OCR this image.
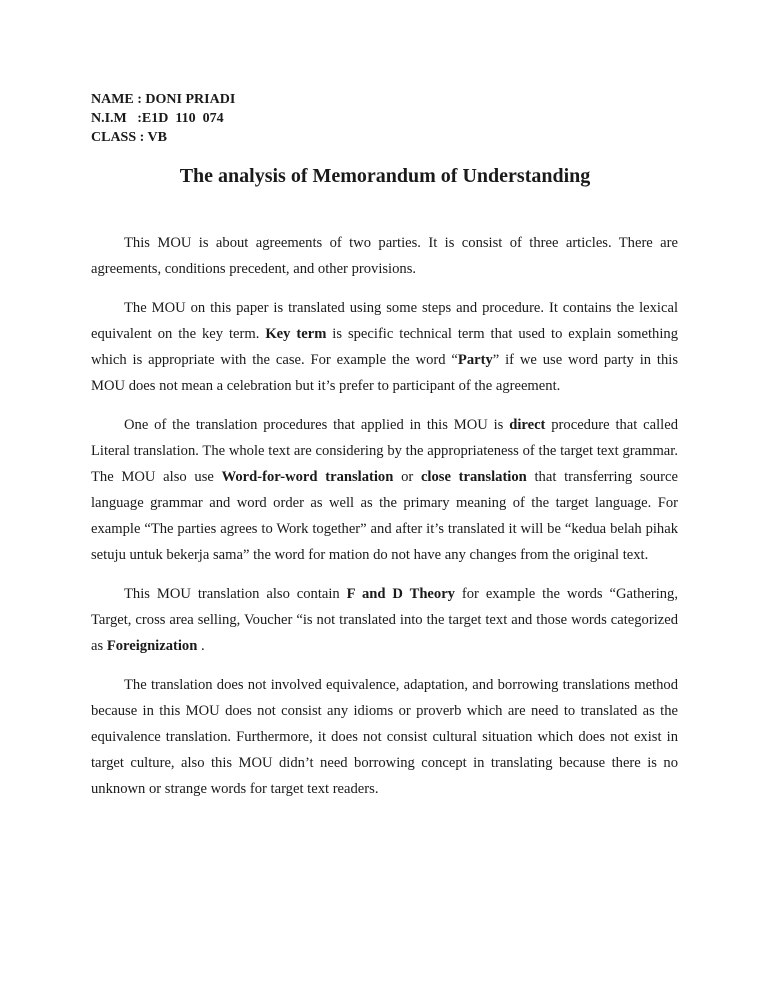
NAME : DONI PRIADI
N.I.M   :E1D  110  074
CLASS : VB
The analysis of Memorandum of Understanding

This MOU is about agreements of two parties. It is consist of three articles. There are agreements, conditions precedent, and other provisions.

The MOU on this paper is translated using some steps and procedure. It contains the lexical equivalent on the key term. Key term is specific technical term that used to explain something which is appropriate with the case. For example the word “Party” if we use word party in this MOU does not mean a celebration but it’s prefer to participant of the agreement.

One of the translation procedures that applied in this MOU is direct procedure that called Literal translation. The whole text are considering by the appropriateness of the target text grammar. The MOU also use Word-for-word translation or close translation that transferring source language grammar and word order as well as the primary meaning of the target language. For example “The parties agrees to Work together” and after it’s translated it will be “kedua belah pihak setuju untuk bekerja sama” the word for mation do not have any changes from the original text.

This MOU translation also contain F and D Theory for example the words “Gathering, Target, cross area selling, Voucher “is not translated into the target text and those words categorized as Foreignization .

The translation does not involved equivalence, adaptation, and borrowing translations method because in this MOU does not consist any idioms or proverb which are need to translated as the equivalence translation. Furthermore, it does not consist cultural situation which does not exist in target culture, also this MOU didn’t need borrowing concept in translating because there is no unknown or strange words for target text readers.
